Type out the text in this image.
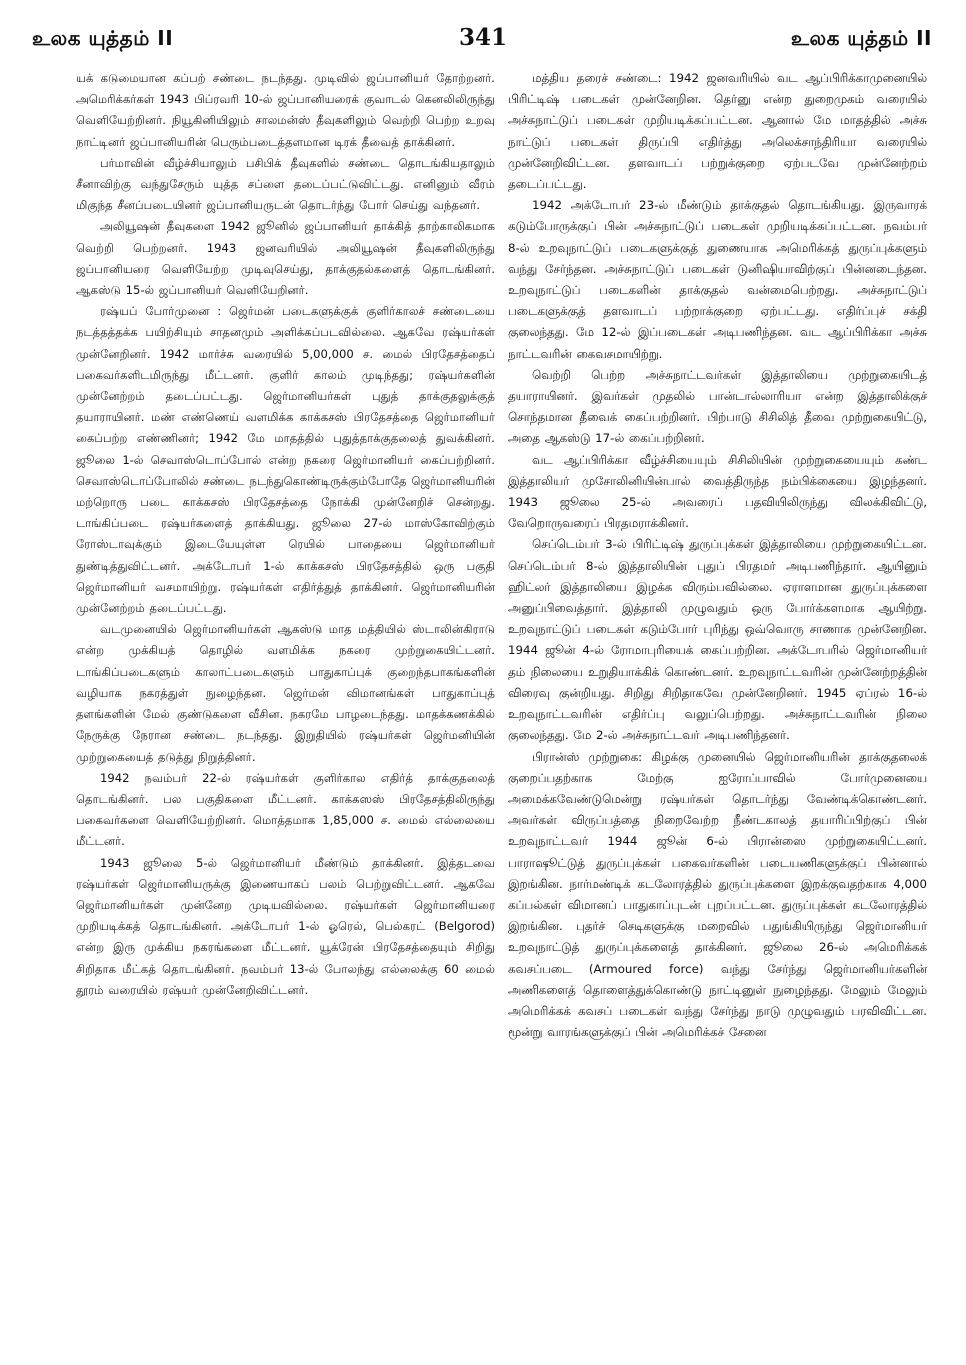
உலக யுத்தம் II	341	உலக யுத்தம் II

யக் கடுமையான கப்பற் சண்டை நடந்தது. முடிவில் ஜப்பானியர் தோற்றனர். அமெரிக்கர்கள் 1943 பிப்ரவரி 10-ல் ஜப்பானியரைக் குவாடல் கெனலிலிருந்து வெளியேற்றினர். நியூகினியிலும் சாலமன்ஸ் தீவுகளிலும் வெற்றி பெற்ற உறவு நாட்டினர் ஜப்பானியரின் பெரும்படைத்தளமான டிரக் தீவைத் தாக்கினர்.

பர்மாவின் வீழ்ச்சியாலும் பசிபிக் தீவுகளில் சண்டை தொடங்கியதாலும் சீனாவிற்கு வந்துசேரும் யுத்த சப்ளை தடைப்பட்டுவிட்டது. எனினும் வீரம் மிகுந்த சீனப்படையினர் ஜப்பானியருடன் தொடர்ந்து போர் செய்து வந்தனர்.

அலியூஷன் தீவுகளை 1942 ஜூனில் ஜப்பானியர் தாக்கித் தாற்காலிகமாக வெற்றி பெற்றனர். 1943 ஜனவரியில் அலியூஷன் தீவுகளிலிருந்து ஜப்பானியரை வெளியேற்ற முடிவுசெய்து, தாக்குதல்களைத் தொடங்கினர். ஆகஸ்டு 15-ல் ஜப்பானியர் வெளியேறினர்.

ரஷ்யப் போர்முனை : ஜெர்மன் படைகளுக்குக் குளிர்காலச் சண்டையை நடத்தத்தக்க பயிற்சியும் சாதனமும் அளிக்கப்படவில்லை. ஆகவே ரஷ்யர்கள் முன்னேறினர். 1942 மார்ச்சு வரையில் 5,00,000 ச. மைல் பிரதேசத்தைப் பகைவர்களிடமிருந்து மீட்டனர். குளிர் காலம் முடிந்தது; ரஷ்யர்களின் முன்னேற்றம் தடைப்பட்டது. ஜெர்மானியர்கள் புதுத் தாக்குதலுக்குத் தயாராயினர். மண் எண்ணெய் வளமிக்க காக்கசஸ் பிரதேசத்தை ஜெர்மானியர் கைப்பற்ற எண்ணினர்; 1942 மே மாதத்தில் புதுத்தாக்குதலைத் துவக்கினர். ஜூலை 1-ல் செவாஸ்டொப்போல் என்ற நகரை ஜெர்மானியர் கைப்பற்றினர். செவாஸ்டொப்போலில் சண்டை நடந்துகொண்டிருக்கும்போதே ஜெர்மானியரின் மற்றொரு படை காக்கசஸ் பிரதேசத்தை நோக்கி முன்னேறிச் சென்றது. டாங்கிப்படை ரஷ்யர்களைத் தாக்கியது. ஜூலை 27-ல் மாஸ்கோவிற்கும் ரோஸ்டாவுக்கும் இடையேயுள்ள ரெயில் பாதையை ஜெர்மானியர் துண்டித்துவிட்டனர். அக்டோபர் 1-ல் காக்கசஸ் பிரதேசத்தில் ஒரு பகுதி ஜெர்மானியர் வசமாயிற்று. ரஷ்யர்கள் எதிர்த்துத் தாக்கினர். ஜெர்மானியரின் முன்னேற்றம் தடைப்பட்டது.

வடமுனையில் ஜெர்மானியர்கள் ஆகஸ்டு மாத மத்தியில் ஸ்டாலின்கிராடு என்ற முக்கியத் தொழில் வளமிக்க நகரை முற்றுகையிட்டனர். டாங்கிப்படைகளும் காலாட்படைகளும் பாதுகாப்புக் குறைந்தபாகங்களின் வழியாக நகரத்துள் நுழைந்தன. ஜெர்மன் விமானங்கள் பாதுகாப்புத் தளங்களின் மேல் குண்டுகளை வீசின. நகரமே பாழடைந்தது. மாதக்கணக்கில் நேருக்கு நேரான சண்டை நடந்தது. இறுதியில் ரஷ்யர்கள் ஜெர்மனியின் முற்றுகையைத் தடுத்து நிறுத்தினர்.

1942 நவம்பர் 22-ல் ரஷ்யர்கள் குளிர்கால எதிர்த் தாக்குதலைத் தொடங்கினர். பல பகுதிகளை மீட்டனர். காக்கஸஸ் பிரதேசத்திலிருந்து பகைவர்களை வெளியேற்றினர். மொத்தமாக 1,85,000 ச. மைல் எல்லையை மீட்டனர்.

1943 ஜூலை 5-ல் ஜெர்மானியர் மீண்டும் தாக்கினர். இத்தடவை ரஷ்யர்கள் ஜெர்மானியருக்கு இணையாகப் பலம் பெற்றுவிட்டனர். ஆகவே ஜெர்மானியர்கள் முன்னேற முடியவில்லை. ரஷ்யர்கள் ஜெர்மானியரை முறியடிக்கத் தொடங்கினர். அக்டோபர் 1-ல் ஓரெல், பெல்கரட் (Belgorod) என்ற இரு முக்கிய நகரங்களை மீட்டனர். யூக்ரேன் பிரதேசத்தையும் சிறிது சிறிதாக மீட்கத் தொடங்கினர். நவம்பர் 13-ல் போலந்து எல்லைக்கு 60 மைல் தூரம் வரையில் ரஷ்யர் முன்னேறிவிட்டனர்.

மத்திய தரைச் சண்டை: 1942 ஜனவரியில் வட ஆப்பிரிக்காமுனையில் பிரிட்டிஷ் படைகள் முன்னேறின. தெர்னு என்ற துறைமுகம் வரையில் அச்சுநாட்டுப் படைகள் முறியடிக்கப்பட்டன. ஆனால் மே மாதத்தில் அச்சு நாட்டுப் படைகள் திருப்பி எதிர்த்து அலெக்சாந்திரியா வரையில் முன்னேறிவிட்டன. தளவாடப் பற்றுக்குறை ஏற்படவே முன்னேற்றம் தடைப்பட்டது.

1942 அக்டோபர் 23-ல் மீண்டும் தாக்குதல் தொடங்கியது. இருவாரக் கடும்போருக்குப் பின் அச்சுநாட்டுப் படைகள் முறியடிக்கப்பட்டன. நவம்பர் 8-ல் உறவுநாட்டுப் படைகளுக்குத் துணையாக அமெரிக்கத் துருப்புக்களும் வந்து சேர்ந்தன. அச்சுநாட்டுப் படைகள் டுனிஷியாவிற்குப் பின்னடைந்தன. உறவுநாட்டுப் படைகளின் தாக்குதல் வன்மைபெற்றது. அச்சுநாட்டுப் படைகளுக்குத் தளவாடப் பற்றாக்குறை ஏற்பட்டது. எதிர்ப்புச் சக்தி குலைந்தது. மே 12-ல் இப்படைகள் அடிபணிந்தன. வட ஆப்பிரிக்கா அச்சு நாட்டவரின் கைவசமாயிற்று.

வெற்றி பெற்ற அச்சுநாட்டவர்கள் இத்தாலியை முற்றுகையிடத் தயாராயினர். இவர்கள் முதலில் பான்டால்லாரியா என்ற இத்தாலிக்குச் சொந்தமான தீவைக் கைப்பற்றினர். பிற்பாடு சிசிலித் தீவை முற்றுகையிட்டு, அதை ஆகஸ்டு 17-ல் கைப்பற்றினர்.

வட ஆப்பிரிக்கா வீழ்ச்சியையும் சிசிலியின் முற்றுகையையும் கண்ட இத்தாலியர் முசோலினியின்பால் வைத்திருந்த நம்பிக்கையை இழந்தனர். 1943 ஜூலை 25-ல் அவரைப் பதவியிலிருந்து விலக்கிவிட்டு, வேறொருவரைப் பிரதமராக்கினர்.

செப்டெம்பர் 3-ல் பிரிட்டிஷ் துருப்புக்கள் இத்தாலியை முற்றுகையிட்டன. செப்டெம்பர் 8-ல் இத்தாலியின் புதுப் பிரதமர் அடிபணிந்தார். ஆயினும் ஹிட்லர் இத்தாலியை இழக்க விரும்பவில்லை. ஏராளமான துருப்புக்களை அனுப்பிவைத்தார். இத்தாலி முழுவதும் ஒரு போர்க்களமாக ஆயிற்று. உறவுநாட்டுப் படைகள் கடும்போர் புரிந்து ஒவ்வொரு சாணாக முன்னேறின. 1944 ஜூன் 4-ல் ரோமாபுரியைக் கைப்பற்றின. அக்டோபரில் ஜெர்மானியர் தம் நிலையை உறுதியாக்கிக் கொண்டனர். உறவுநாட்டவரின் முன்னேற்றத்தின் விரைவு குன்றியது. சிறிது சிறிதாகவே முன்னேறினர். 1945 ஏப்ரல் 16-ல் உறவுநாட்டவரின் எதிர்ப்பு வலுப்பெற்றது. அச்சுநாட்டவரின் நிலை குலைந்தது. மே 2-ல் அச்சுநாட்டவர் அடிபணிந்தனர்.

பிரான்ஸ் முற்றுகை: கிழக்கு முனையில் ஜெர்மானியரின் தாக்குதலைக் குறைப்பதற்காக மேற்கு ஐரோப்பாவில் போர்முனையை அமைக்கவேண்டுமென்று ரஷ்யர்கள் தொடர்ந்து வேண்டிக்கொண்டனர். அவர்கள் விருப்பத்தை நிறைவேற்ற நீண்டகாலத் தயாரிப்பிற்குப் பின் உறவுநாட்டவர் 1944 ஜூன் 6-ல் பிரான்ஸை முற்றுகையிட்டனர். பாராஷூட்டுத் துருப்புக்கள் பகைவர்களின் படையணிகளுக்குப் பின்னால் இறங்கின. நார்மண்டிக் கடலோரத்தில் துருப்புக்களை இறக்குவதற்காக 4,000 கப்பல்கள் விமானப் பாதுகாப்புடன் புறப்பட்டன. துருப்புக்கள் கடலோரத்தில் இறங்கின. புதர்ச் செடிகளுக்கு மறைவில் பதுங்கியிருந்து ஜெர்மானியர் உறவுநாட்டுத் துருப்புக்களைத் தாக்கினர். ஜூலை 26-ல் அமெரிக்கக் கவசப்படை (Armoured force) வந்து சேர்ந்து ஜெர்மானியர்களின் அணிகளைத் தொளைத்துக்கொண்டு நாட்டினுள் நுழைந்தது. மேலும் மேலும் அமெரிக்கக் கவசப் படைகள் வந்து சேர்ந்து நாடு முழுவதும் பரவிவிட்டன. மூன்று வாரங்களுக்குப் பின் அமெரிக்கச் சேனை
